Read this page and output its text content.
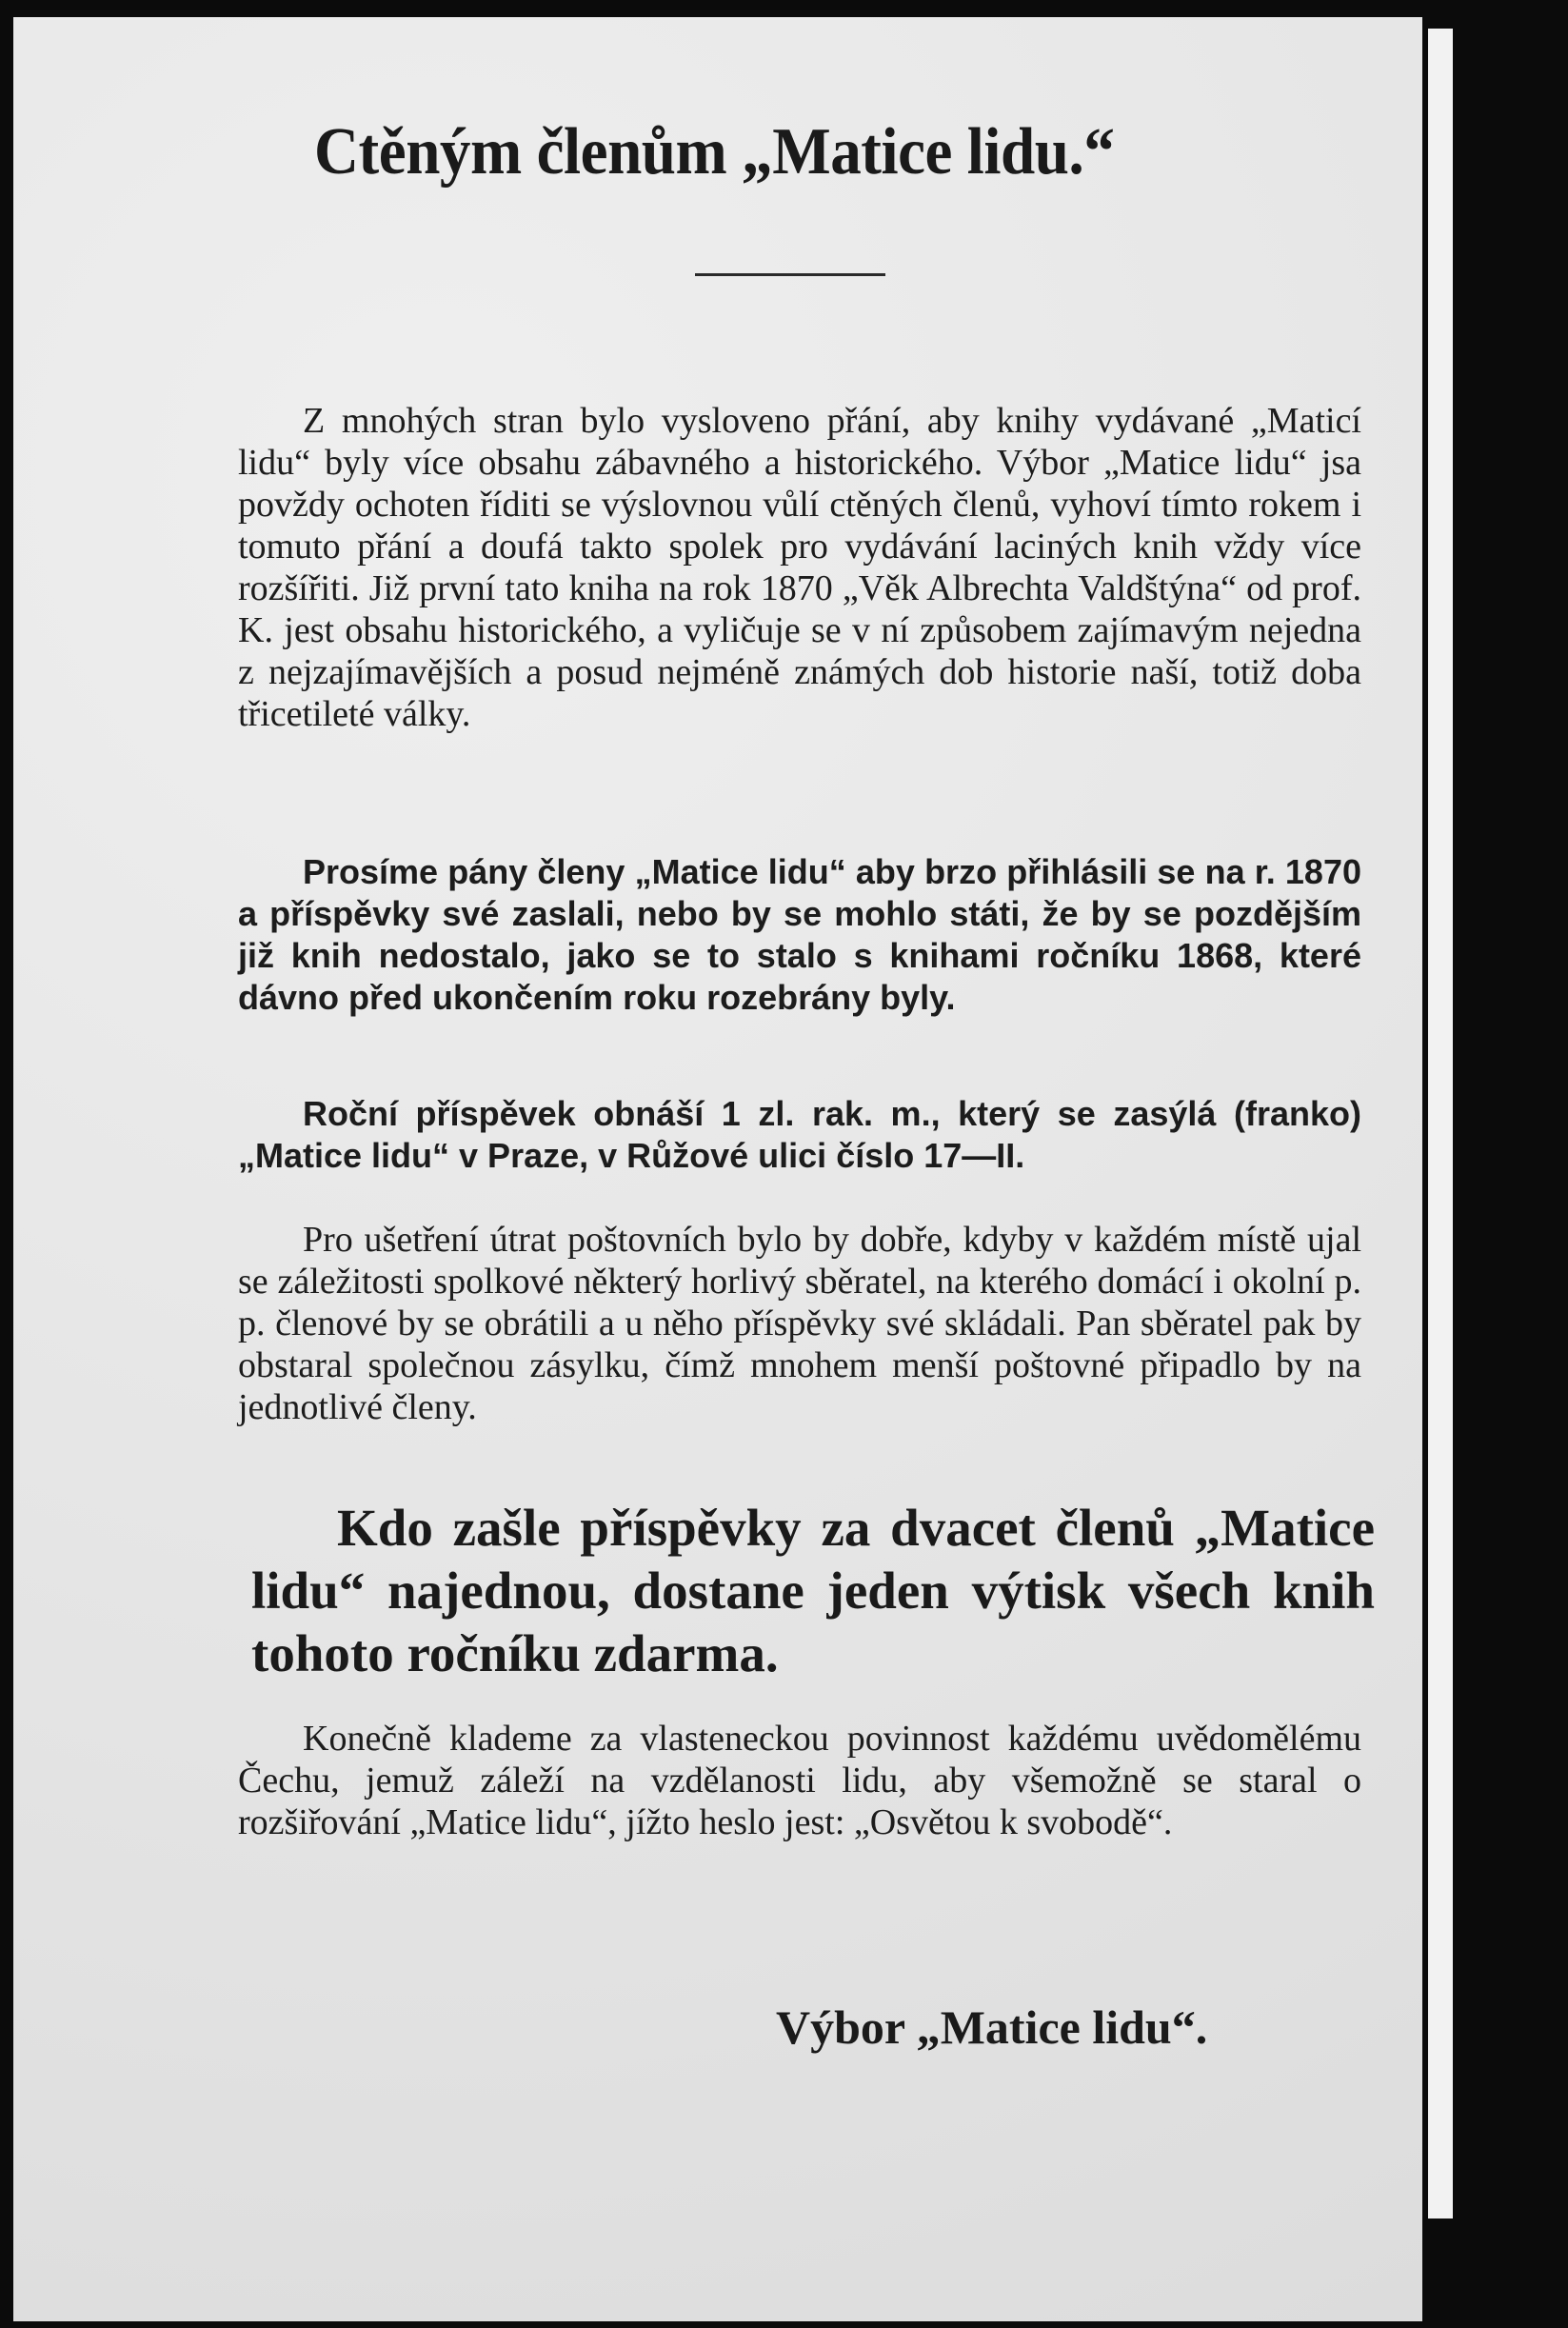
Ctěným členům „Matice lidu.“

Z mnohých stran bylo vysloveno přání, aby knihy vydávané „Maticí lidu“ byly více obsahu zábavného a historického. Výbor „Matice lidu“ jsa povždy ochoten říditi se výslovnou vůlí ctěných členů, vyhoví tímto rokem i tomuto přání a doufá takto spolek pro vydávání laciných knih vždy více rozšířiti. Již první tato kniha na rok 1870 „Věk Albrechta Valdštýna“ od prof. K. jest obsahu historického, a vyličuje se v ní způsobem zajímavým nejedna z nejzajímavějších a posud nejméně známých dob historie naší, totiž doba třicetileté války.

Prosíme pány členy „Matice lidu“ aby brzo přihlásili se na r. 1870 a příspěvky své zaslali, nebo by se mohlo státi, že by se pozdějším již knih nedostalo, jako se to stalo s knihami ročníku 1868, které dávno před ukončením roku rozebrány byly.

Roční příspěvek obnáší 1 zl. rak. m., který se zasýlá (franko) „Matice lidu“ v Praze, v Růžové ulici číslo 17—II.

Pro ušetření útrat poštovních bylo by dobře, kdyby v každém místě ujal se záležitosti spolkové některý horlivý sběratel, na kterého domácí i okolní p. p. členové by se obrátili a u něho příspěvky své skládali. Pan sběratel pak by obstaral společnou zásylku, čímž mnohem menší poštovné připadlo by na jednotlivé členy.

Kdo zašle příspěvky za dvacet členů „Matice lidu“ najednou, dostane jeden výtisk všech knih tohoto ročníku zdarma.

Konečně klademe za vlasteneckou povinnost každému uvědomělému Čechu, jemuž záleží na vzdělanosti lidu, aby všemožně se staral o rozšiřování „Matice lidu“, jížto heslo jest: „Osvětou k svobodě“.

Výbor „Matice lidu“.
